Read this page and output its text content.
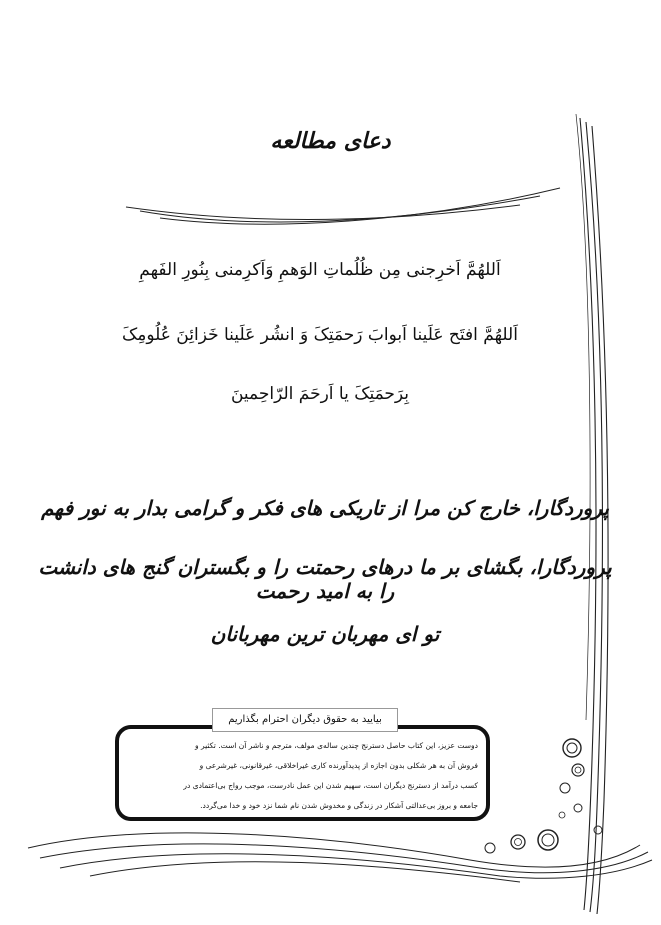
دعای مطالعه
اَللهُمَّ اَخرِجنی مِن ظُلُماتِ الوَهمِ وَاَکرِمنی بِنُورِ الفَهمِ
اَللهُمَّ افتَح عَلَینا اَبوابَ رَحمَتِکَ وَ انشُر عَلَینا خَزائِنَ عُلُومِکَ
بِرَحمَتِکَ یا اَرحَمَ الرّاحِمینَ
پروردگارا، خارج کن مرا از تاریکی های فکر و گرامی بدار به نور فهم
پروردگارا، بگشای بر ما درهای رحمتت را و بگستران گنج های دانشت را به امید رحمت
تو ای مهربان ترین مهربانان
بیایید به حقوق دیگران احترام بگذاریم
دوست عزیز، این کتاب حاصل دسترنج چندین ساله‌ی مولف، مترجم و ناشر آن است. تکثیر و
فروش آن به هر شکلی بدون اجازه از پدیدآورنده کاری غیراخلاقی، غیرقانونی، غیرشرعی و
کسب درآمد از دسترنج دیگران است، سهیم شدن این عمل نادرست، موجب رواج بی‌اعتمادی در
جامعه و بروز بی‌عدالتی آشکار در زندگی و مخدوش شدن نام شما نزد خود و خدا می‌گردد.
